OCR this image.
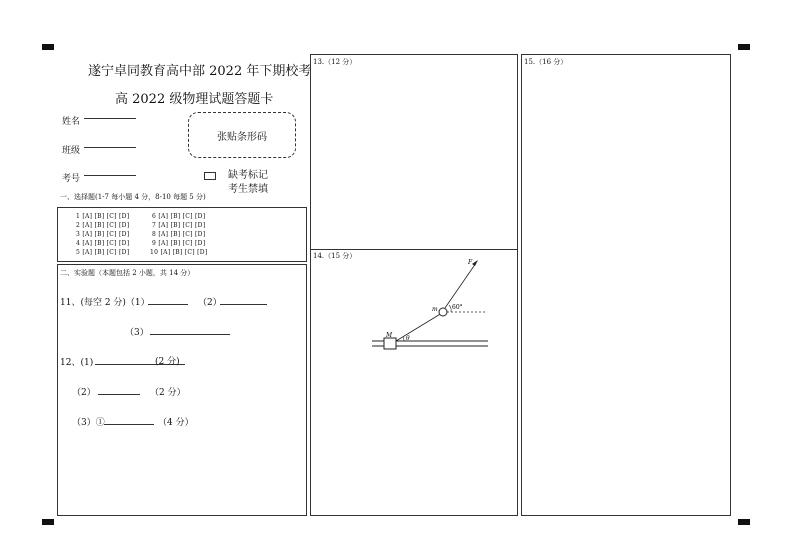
遂宁卓同教育高中部 2022 年下期校考
高 2022 级物理试题答题卡
姓名
班级
考号
张贴条形码
缺考标记
考生禁填
一、选择题(1-7 每小题 4 分，8-10 每题 5 分)
1 [A] [B] [C] [D]
2 [A] [B] [C] [D]
3 [A] [B] [C] [D]
4 [A] [B] [C] [D]
5 [A] [B] [C] [D]
6 [A] [B] [C] [D]
7 [A] [B] [C] [D]
8 [A] [B] [C] [D]
9 [A] [B] [C] [D]
10 [A] [B] [C] [D]
二、实验题（本题包括 2 小题，共 14 分）
11、(每空 2 分)（1）	（2）
（3）
12、(1)	(2 分)
（2）	（2 分）
（3）①	（4 分）
13.（12 分）
14.（15 分）
F
m
M
60°
θ
15.（16 分）
